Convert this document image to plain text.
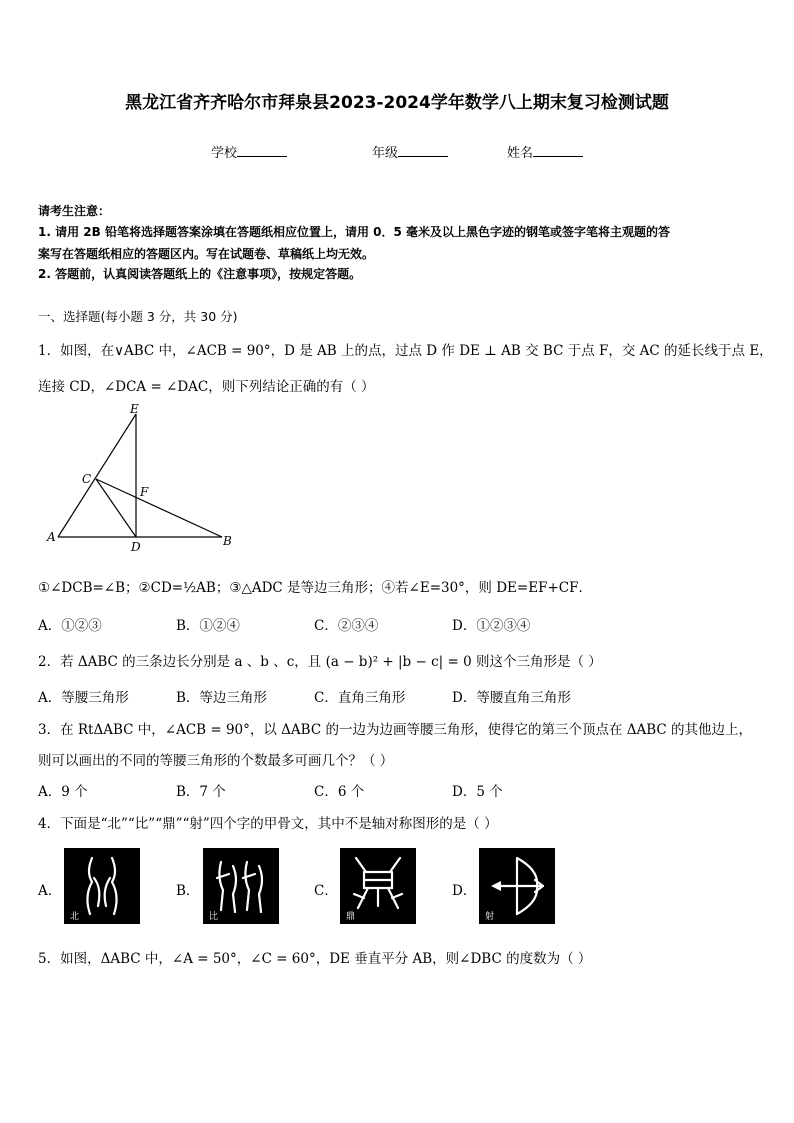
黑龙江省齐齐哈尔市拜泉县2023-2024学年数学八上期末复习检测试题
学校	年级	姓名
请考生注意：
1. 请用 2B 铅笔将选择题答案涂填在答题纸相应位置上，请用 0．5 毫米及以上黑色字迹的钢笔或签字笔将主观题的答
案写在答题纸相应的答题区内。写在试题卷、草稿纸上均无效。
2. 答题前，认真阅读答题纸上的《注意事项》，按规定答题。
一、选择题(每小题 3 分，共 30 分)
1．如图，在∨ABC 中，∠ACB = 90°，D 是 AB 上的点，过点 D 作 DE ⊥ AB 交 BC 于点 F，交 AC 的延长线于点 E，
连接 CD，∠DCA = ∠DAC，则下列结论正确的有（ ）
E
C
F
A
D	B
①∠DCB=∠B；②CD=½AB；③△ADC 是等边三角形；④若∠E=30°，则 DE=EF+CF．
A．①②③	B．①②④	C．②③④	D．①②③④
2．若 ΔABC 的三条边长分别是 a 、b 、c，且 (a − b)² + |b − c| = 0 则这个三角形是（ ）
A．等腰三角形	B．等边三角形	C．直角三角形	D．等腰直角三角形
3．在 RtΔABC 中，∠ACB = 90°，以 ΔABC 的一边为边画等腰三角形，使得它的第三个顶点在 ΔABC 的其他边上，
则可以画出的不同的等腰三角形的个数最多可画几个？（ ）
A．9 个	B．7 个	C．6 个	D．5 个
4．下面是“北”“比”“鼎”“射”四个字的甲骨文，其中不是轴对称图形的是（ ）
A．
北
B．
比
C．
鼎
D．
射
5．如图，ΔABC 中，∠A = 50°，∠C = 60°，DE 垂直平分 AB，则∠DBC 的度数为（ ）
